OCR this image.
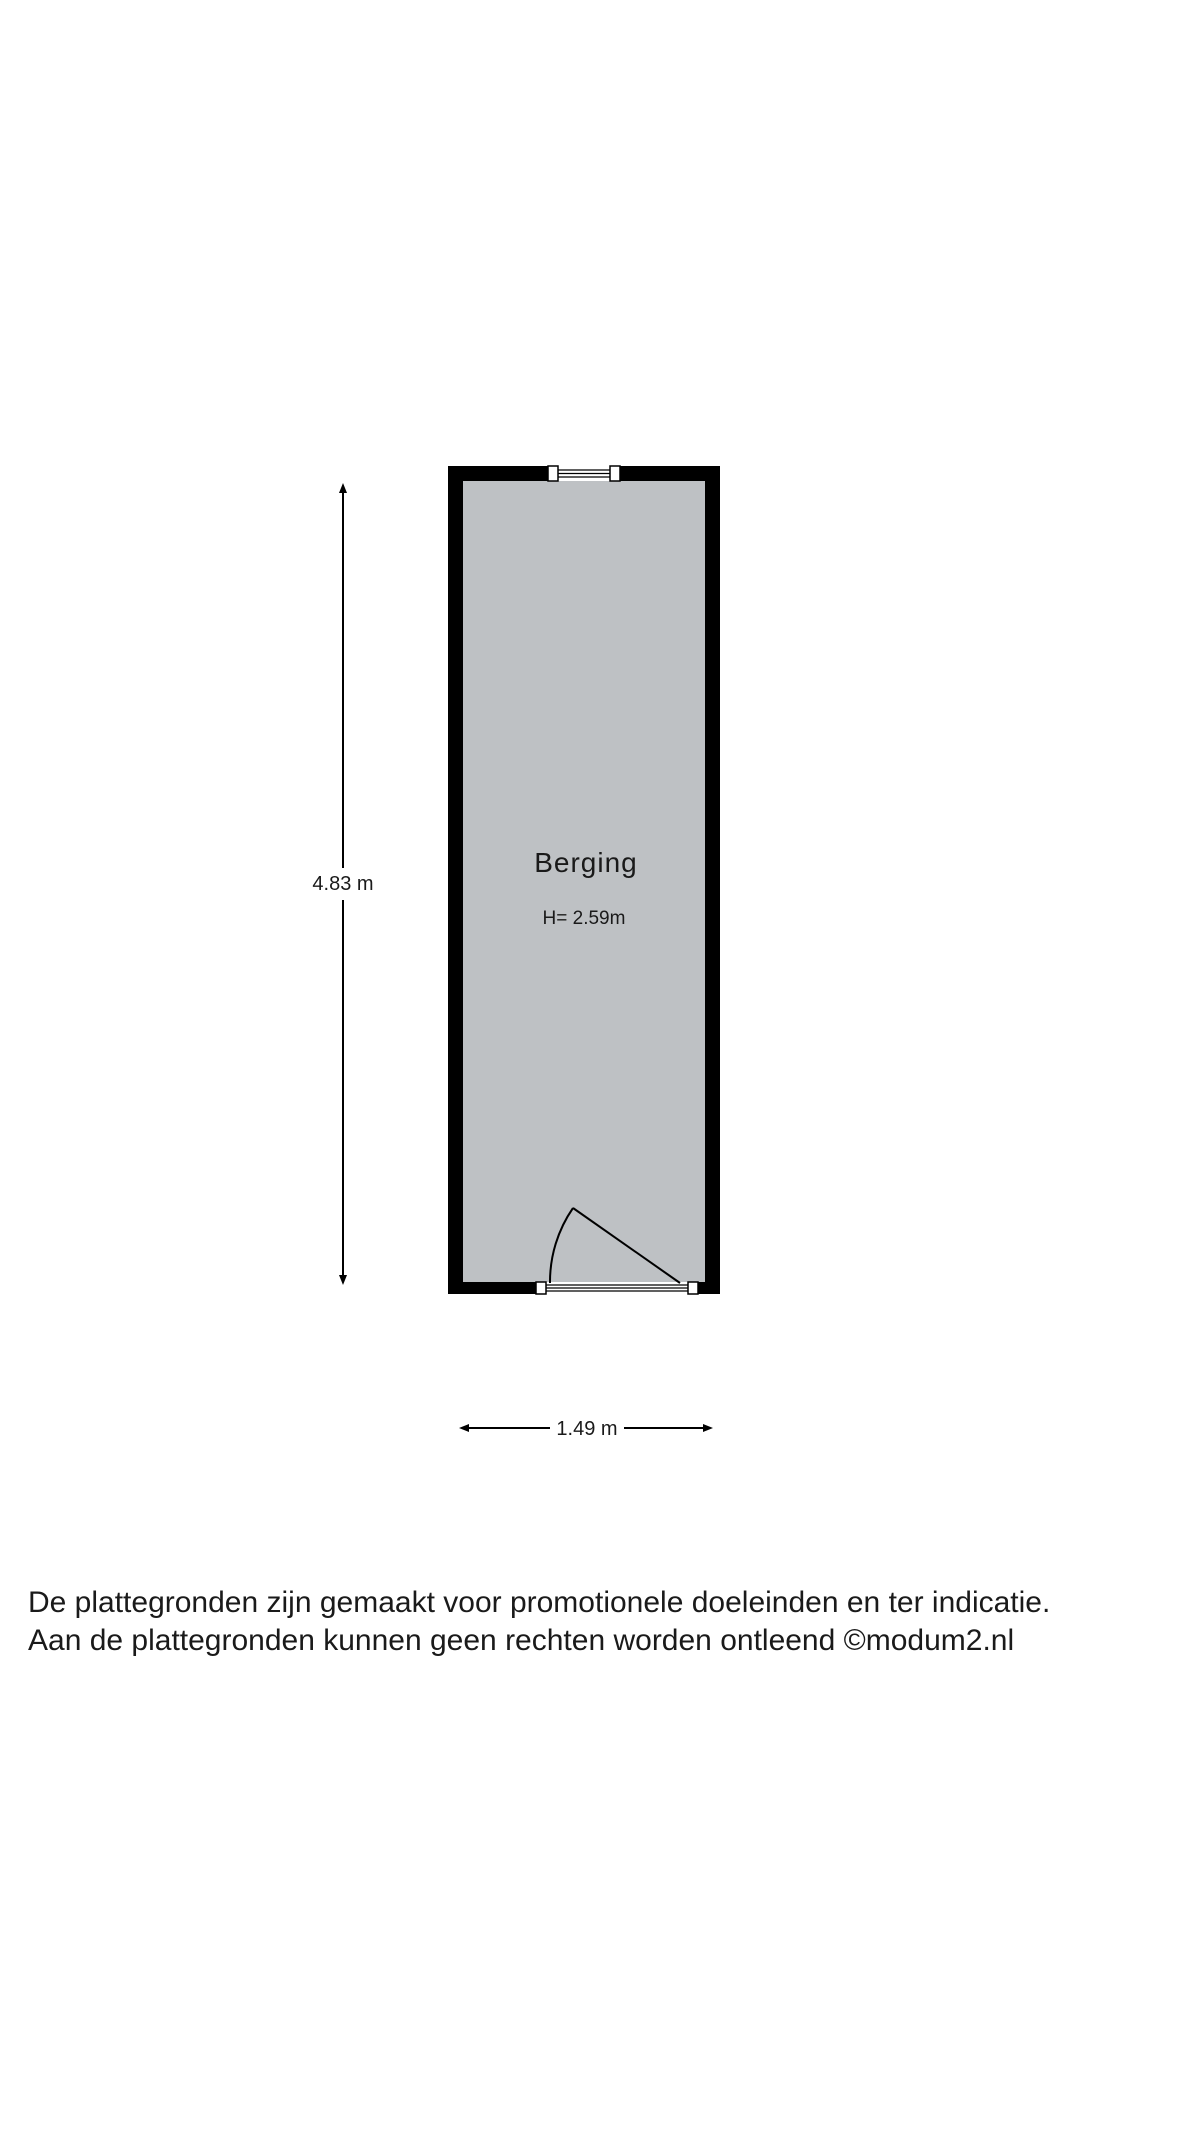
4.83 m
1.49 m
Berging
H= 2.59m
De plattegronden zijn gemaakt voor promotionele doeleinden en ter indicatie.
Aan de plattegronden kunnen geen rechten worden ontleend ©modum2.nl
